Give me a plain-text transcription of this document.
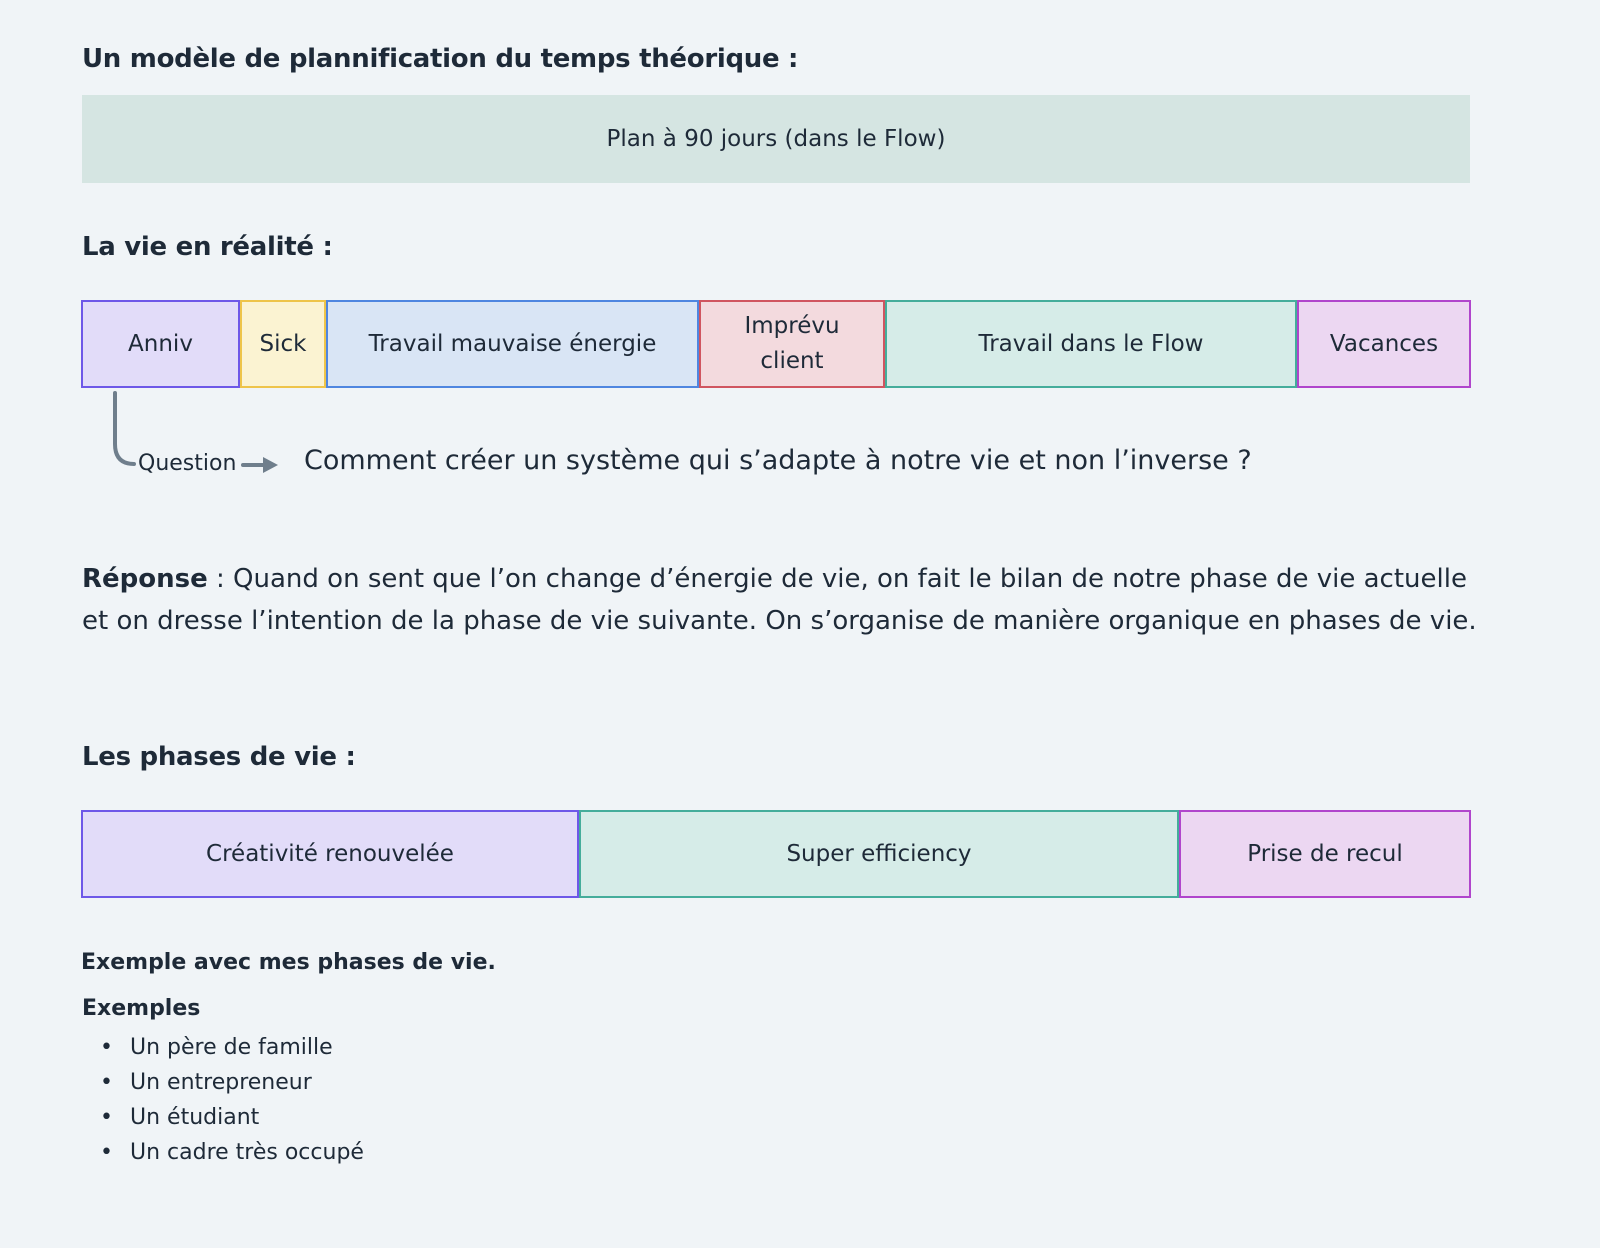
Un modèle de plannification du temps théorique :
Plan à 90 jours (dans le Flow)
La vie en réalité :
Anniv	Sick	Travail mauvaise énergie
Imprévu client
Travail dans le Flow	Vacances
Question	Comment créer un système qui s’adapte à notre vie et non l’inverse ?
Réponse : Quand on sent que l’on change d’énergie de vie, on fait le bilan de notre phase de vie actuelle et on dresse l’intention de la phase de vie suivante. On s’organise de manière organique en phases de vie.
Les phases de vie :
Créativité renouvelée	Super efficiency	Prise de recul
Exemple avec mes phases de vie.
Exemples
• Un père de famille
• Un entrepreneur
• Un étudiant
• Un cadre très occupé
